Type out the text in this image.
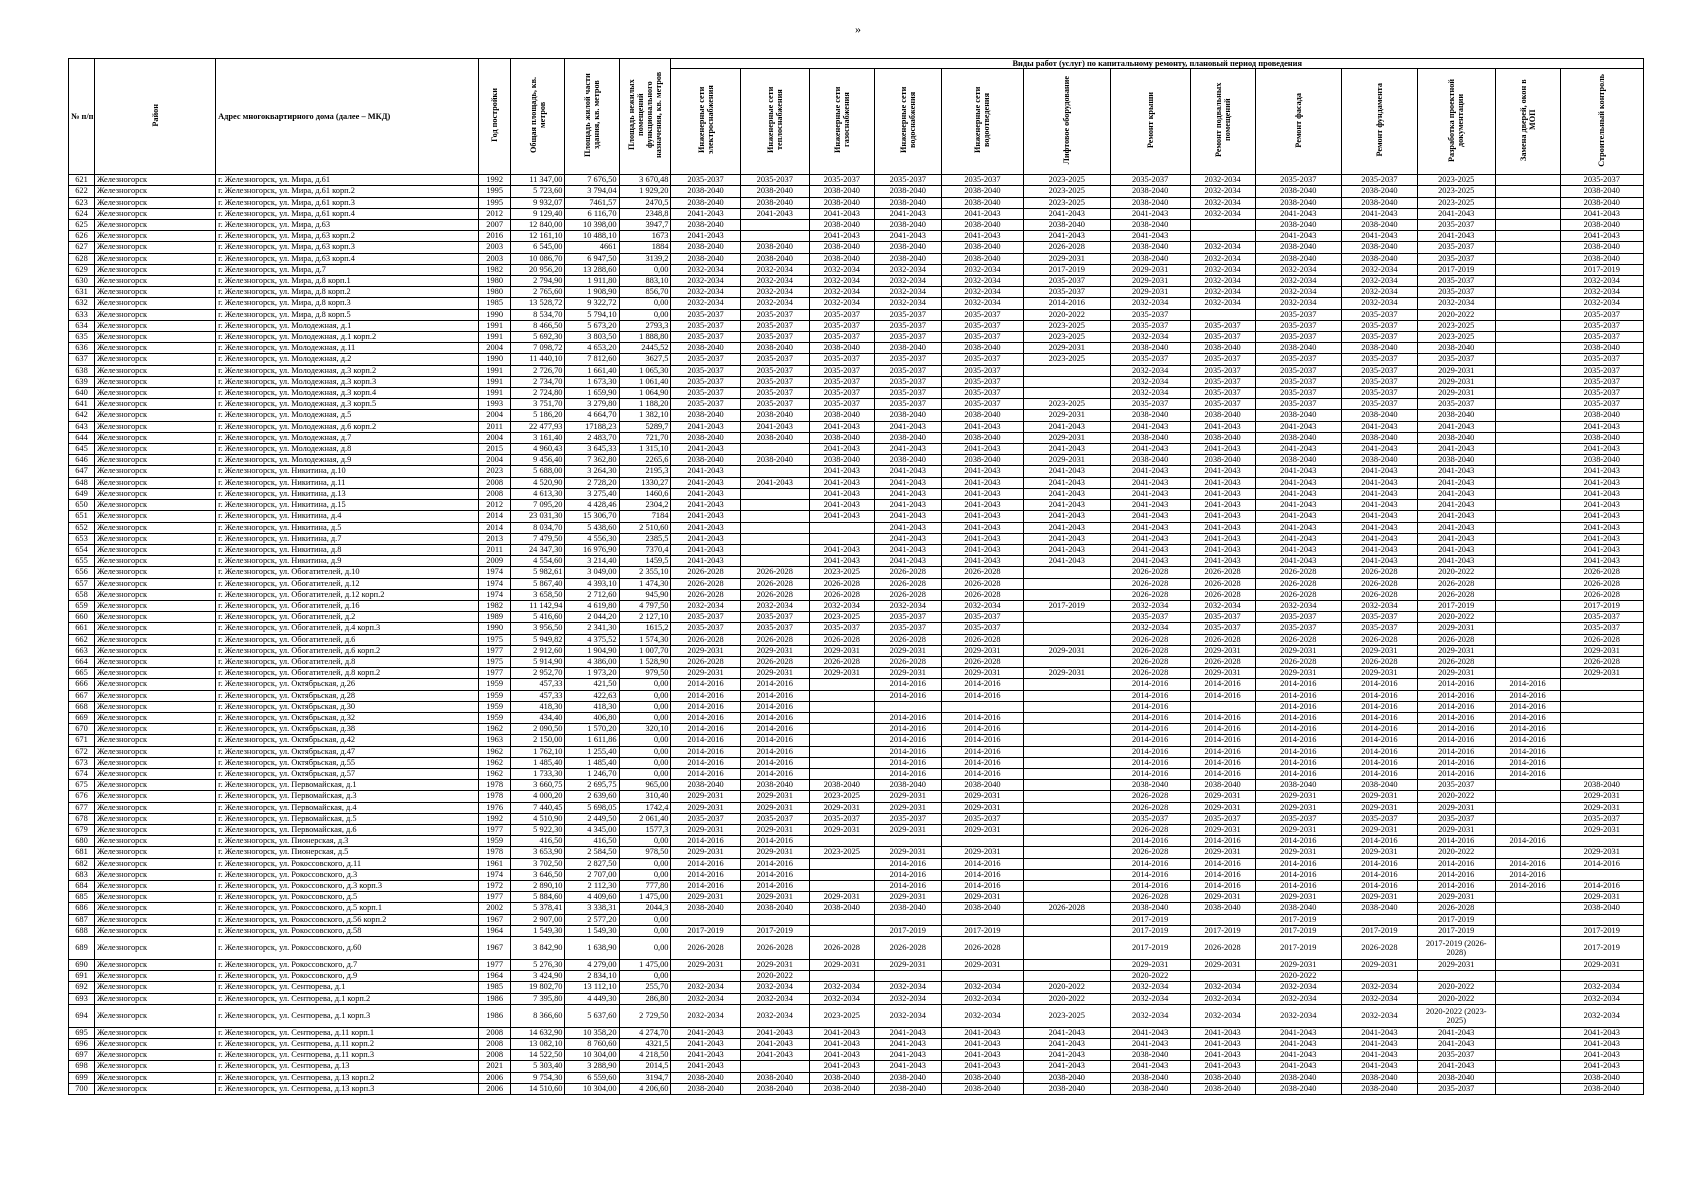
»
№ п/п	Район	Адрес многоквартирного дома (далее – МКД)	Год постройки	Общая площадь, кв. метров	Площадь жилой части здания, кв. метров	Площадь нежилых помещений функционального назначения, кв. метров	Виды работ (услуг) по капитальному ремонту, плановый период проведения												
							Инженерные сети электроснабжения	Инженерные сети теплоснабжения	Инженерные сети газоснабжения	Инженерные сети водоснабжения	Инженерные сети водоотведения	Лифтовое оборудование	Ремонт крыши	Ремонт подвальных помещений	Ремонт фасада	Ремонт фундамента	Разработка проектной документации	Замена дверей, окон в МОП	Строительный контроль
621	Железногорск	г. Железногорск, ул. Мира, д.61	1992	11 347,00	7 676,50	3 670,48	2035-2037	2035-2037	2035-2037	2035-2037	2035-2037	2023-2025	2035-2037	2032-2034	2035-2037	2035-2037	2023-2025		2035-2037
622	Железногорск	г. Железногорск, ул. Мира, д.61 корп.2	1995	5 723,60	3 794,04	1 929,20	2038-2040	2038-2040	2038-2040	2038-2040	2038-2040	2023-2025	2038-2040	2032-2034	2038-2040	2038-2040	2023-2025		2038-2040
623	Железногорск	г. Железногорск, ул. Мира, д.61 корп.3	1995	9 932,07	7461,57	2470,5	2038-2040	2038-2040	2038-2040	2038-2040	2038-2040	2023-2025	2038-2040	2032-2034	2038-2040	2038-2040	2023-2025		2038-2040
624	Железногорск	г. Железногорск, ул. Мира, д.61 корп.4	2012	9 129,40	6 116,70	2348,8	2041-2043	2041-2043	2041-2043	2041-2043	2041-2043	2041-2043	2041-2043	2032-2034	2041-2043	2041-2043	2041-2043		2041-2043
625	Железногорск	г. Железногорск, ул. Мира, д.63	2007	12 840,00	10 398,00	3947,7	2038-2040		2038-2040	2038-2040	2038-2040	2038-2040	2038-2040		2038-2040	2038-2040	2035-2037		2038-2040
626	Железногорск	г. Железногорск, ул. Мира, д.63 корп.2	2016	12 161,10	10 488,10	1673	2041-2043		2041-2043	2041-2043	2041-2043	2041-2043	2041-2043		2041-2043	2041-2043	2041-2043		2041-2043
627	Железногорск	г. Железногорск, ул. Мира, д.63 корп.3	2003	6 545,00	4661	1884	2038-2040	2038-2040	2038-2040	2038-2040	2038-2040	2026-2028	2038-2040	2032-2034	2038-2040	2038-2040	2035-2037		2038-2040
628	Железногорск	г. Железногорск, ул. Мира, д.63 корп.4	2003	10 086,70	6 947,50	3139,2	2038-2040	2038-2040	2038-2040	2038-2040	2038-2040	2029-2031	2038-2040	2032-2034	2038-2040	2038-2040	2035-2037		2038-2040
629	Железногорск	г. Железногорск, ул. Мира, д.7	1982	20 956,20	13 288,60	0,00	2032-2034	2032-2034	2032-2034	2032-2034	2032-2034	2017-2019	2029-2031	2032-2034	2032-2034	2032-2034	2017-2019		2017-2019
630	Железногорск	г. Железногорск, ул. Мира, д.8 корп.1	1980	2 794,90	1 911,80	883,10	2032-2034	2032-2034	2032-2034	2032-2034	2032-2034	2035-2037	2029-2031	2032-2034	2032-2034	2032-2034	2035-2037		2032-2034
631	Железногорск	г. Железногорск, ул. Мира, д.8 корп.2	1980	2 765,60	1 908,90	856,70	2032-2034	2032-2034	2032-2034	2032-2034	2032-2034	2035-2037	2029-2031	2032-2034	2032-2034	2032-2034	2035-2037		2032-2034
632	Железногорск	г. Железногорск, ул. Мира, д.8 корп.3	1985	13 528,72	9 322,72	0,00	2032-2034	2032-2034	2032-2034	2032-2034	2032-2034	2014-2016	2032-2034	2032-2034	2032-2034	2032-2034	2032-2034		2032-2034
633	Железногорск	г. Железногорск, ул. Мира, д.8 корп.5	1990	8 534,70	5 794,10	0,00	2035-2037	2035-2037	2035-2037	2035-2037	2035-2037	2020-2022	2035-2037		2035-2037	2035-2037	2020-2022		2035-2037
634	Железногорск	г. Железногорск, ул. Молодежная, д.1	1991	8 466,50	5 673,20	2793,3	2035-2037	2035-2037	2035-2037	2035-2037	2035-2037	2023-2025	2035-2037	2035-2037	2035-2037	2035-2037	2023-2025		2035-2037
635	Железногорск	г. Железногорск, ул. Молодежная, д.1 корп.2	1991	5 692,30	3 803,50	1 888,80	2035-2037	2035-2037	2035-2037	2035-2037	2035-2037	2023-2025	2032-2034	2035-2037	2035-2037	2035-2037	2023-2025		2035-2037
636	Железногорск	г. Железногорск, ул. Молодежная, д.11	2004	7 098,72	4 653,20	2445,52	2038-2040	2038-2040	2038-2040	2038-2040	2038-2040	2029-2031	2038-2040	2038-2040	2038-2040	2038-2040	2038-2040		2038-2040
637	Железногорск	г. Железногорск, ул. Молодежная, д.2	1990	11 440,10	7 812,60	3627,5	2035-2037	2035-2037	2035-2037	2035-2037	2035-2037	2023-2025	2035-2037	2035-2037	2035-2037	2035-2037	2035-2037		2035-2037
638	Железногорск	г. Железногорск, ул. Молодежная, д.3 корп.2	1991	2 726,70	1 661,40	1 065,30	2035-2037	2035-2037	2035-2037	2035-2037	2035-2037		2032-2034	2035-2037	2035-2037	2035-2037	2029-2031		2035-2037
639	Железногорск	г. Железногорск, ул. Молодежная, д.3 корп.3	1991	2 734,70	1 673,30	1 061,40	2035-2037	2035-2037	2035-2037	2035-2037	2035-2037		2032-2034	2035-2037	2035-2037	2035-2037	2029-2031		2035-2037
640	Железногорск	г. Железногорск, ул. Молодежная, д.3 корп.4	1991	2 724,80	1 659,90	1 064,90	2035-2037	2035-2037	2035-2037	2035-2037	2035-2037		2032-2034	2035-2037	2035-2037	2035-2037	2029-2031		2035-2037
641	Железногорск	г. Железногорск, ул. Молодежная, д.3 корп.5	1993	3 751,70	3 279,80	1 188,20	2035-2037	2035-2037	2035-2037	2035-2037	2035-2037	2023-2025	2035-2037	2035-2037	2035-2037	2035-2037	2035-2037		2035-2037
642	Железногорск	г. Железногорск, ул. Молодежная, д.5	2004	5 186,20	4 664,70	1 382,10	2038-2040	2038-2040	2038-2040	2038-2040	2038-2040	2029-2031	2038-2040	2038-2040	2038-2040	2038-2040	2038-2040		2038-2040
643	Железногорск	г. Железногорск, ул. Молодежная, д.6 корп.2	2011	22 477,93	17188,23	5289,7	2041-2043	2041-2043	2041-2043	2041-2043	2041-2043	2041-2043	2041-2043	2041-2043	2041-2043	2041-2043	2041-2043		2041-2043
644	Железногорск	г. Железногорск, ул. Молодежная, д.7	2004	3 161,40	2 483,70	721,70	2038-2040	2038-2040	2038-2040	2038-2040	2038-2040	2029-2031	2038-2040	2038-2040	2038-2040	2038-2040	2038-2040		2038-2040
645	Железногорск	г. Железногорск, ул. Молодежная, д.8	2015	4 960,43	3 645,33	1 315,10	2041-2043		2041-2043	2041-2043	2041-2043	2041-2043	2041-2043	2041-2043	2041-2043	2041-2043	2041-2043		2041-2043
646	Железногорск	г. Железногорск, ул. Молодежная, д.9	2004	9 456,40	7 362,80	2265,6	2038-2040	2038-2040	2038-2040	2038-2040	2038-2040	2029-2031	2038-2040	2038-2040	2038-2040	2038-2040	2038-2040		2038-2040
647	Железногорск	г. Железногорск, ул. Никитина, д.10	2023	5 688,00	3 264,30	2195,3	2041-2043		2041-2043	2041-2043	2041-2043	2041-2043	2041-2043	2041-2043	2041-2043	2041-2043	2041-2043		2041-2043
648	Железногорск	г. Железногорск, ул. Никитина, д.11	2008	4 520,90	2 728,20	1330,27	2041-2043	2041-2043	2041-2043	2041-2043	2041-2043	2041-2043	2041-2043	2041-2043	2041-2043	2041-2043	2041-2043		2041-2043
649	Железногорск	г. Железногорск, ул. Никитина, д.13	2008	4 613,30	3 275,40	1460,6	2041-2043		2041-2043	2041-2043	2041-2043	2041-2043	2041-2043	2041-2043	2041-2043	2041-2043	2041-2043		2041-2043
650	Железногорск	г. Железногорск, ул. Никитина, д.15	2012	7 095,20	4 428,46	2304,2	2041-2043		2041-2043	2041-2043	2041-2043	2041-2043	2041-2043	2041-2043	2041-2043	2041-2043	2041-2043		2041-2043
651	Железногорск	г. Железногорск, ул. Никитина, д.4	2014	23 031,30	15 306,70	7184	2041-2043		2041-2043	2041-2043	2041-2043	2041-2043	2041-2043	2041-2043	2041-2043	2041-2043	2041-2043		2041-2043
652	Железногорск	г. Железногорск, ул. Никитина, д.5	2014	8 034,70	5 438,60	2 510,60	2041-2043			2041-2043	2041-2043	2041-2043	2041-2043	2041-2043	2041-2043	2041-2043	2041-2043		2041-2043
653	Железногорск	г. Железногорск, ул. Никитина, д.7	2013	7 479,50	4 556,30	2385,5	2041-2043			2041-2043	2041-2043	2041-2043	2041-2043	2041-2043	2041-2043	2041-2043	2041-2043		2041-2043
654	Железногорск	г. Железногорск, ул. Никитина, д.8	2011	24 347,30	16 976,90	7370,4	2041-2043		2041-2043	2041-2043	2041-2043	2041-2043	2041-2043	2041-2043	2041-2043	2041-2043	2041-2043		2041-2043
655	Железногорск	г. Железногорск, ул. Никитина, д.9	2009	4 554,60	3 214,40	1459,5	2041-2043		2041-2043	2041-2043	2041-2043	2041-2043	2041-2043	2041-2043	2041-2043	2041-2043	2041-2043		2041-2043
656	Железногорск	г. Железногорск, ул. Обогатителей, д.10	1974	5 982,61	3 049,00	2 355,10	2026-2028	2026-2028	2023-2025	2026-2028	2026-2028		2026-2028	2026-2028	2026-2028	2026-2028	2020-2022		2026-2028
657	Железногорск	г. Железногорск, ул. Обогатителей, д.12	1974	5 867,40	4 393,10	1 474,30	2026-2028	2026-2028	2026-2028	2026-2028	2026-2028		2026-2028	2026-2028	2026-2028	2026-2028	2026-2028		2026-2028
658	Железногорск	г. Железногорск, ул. Обогатителей, д.12 корп.2	1974	3 658,50	2 712,60	945,90	2026-2028	2026-2028	2026-2028	2026-2028	2026-2028		2026-2028	2026-2028	2026-2028	2026-2028	2026-2028		2026-2028
659	Железногорск	г. Железногорск, ул. Обогатителей, д.16	1982	11 142,94	4 619,80	4 797,50	2032-2034	2032-2034	2032-2034	2032-2034	2032-2034	2017-2019	2032-2034	2032-2034	2032-2034	2032-2034	2017-2019		2017-2019
660	Железногорск	г. Железногорск, ул. Обогатителей, д.2	1989	5 416,60	2 044,20	2 127,10	2035-2037	2035-2037	2023-2025	2035-2037	2035-2037		2035-2037	2035-2037	2035-2037	2035-2037	2020-2022		2035-2037
661	Железногорск	г. Железногорск, ул. Обогатителей, д.4 корп.3	1990	3 956,50	2 341,30	1615,2	2035-2037	2035-2037	2035-2037	2035-2037	2035-2037		2032-2034	2035-2037	2035-2037	2035-2037	2029-2031		2035-2037
662	Железногорск	г. Железногорск, ул. Обогатителей, д.6	1975	5 949,82	4 375,52	1 574,30	2026-2028	2026-2028	2026-2028	2026-2028	2026-2028		2026-2028	2026-2028	2026-2028	2026-2028	2026-2028		2026-2028
663	Железногорск	г. Железногорск, ул. Обогатителей, д.6 корп.2	1977	2 912,60	1 904,90	1 007,70	2029-2031	2029-2031	2029-2031	2029-2031	2029-2031	2029-2031	2026-2028	2029-2031	2029-2031	2029-2031	2029-2031		2029-2031
664	Железногорск	г. Железногорск, ул. Обогатителей, д.8	1975	5 914,90	4 386,00	1 528,90	2026-2028	2026-2028	2026-2028	2026-2028	2026-2028		2026-2028	2026-2028	2026-2028	2026-2028	2026-2028		2026-2028
665	Железногорск	г. Железногорск, ул. Обогатителей, д.8 корп.2	1977	2 952,70	1 973,20	979,50	2029-2031	2029-2031	2029-2031	2029-2031	2029-2031	2029-2031	2026-2028	2029-2031	2029-2031	2029-2031	2029-2031		2029-2031
666	Железногорск	г. Железногорск, ул. Октябрьская, д.26	1959	457,33	421,50	0,00	2014-2016	2014-2016		2014-2016	2014-2016		2014-2016	2014-2016	2014-2016	2014-2016	2014-2016	2014-2016	
667	Железногорск	г. Железногорск, ул. Октябрьская, д.28	1959	457,33	422,63	0,00	2014-2016	2014-2016		2014-2016	2014-2016		2014-2016	2014-2016	2014-2016	2014-2016	2014-2016	2014-2016	
668	Железногорск	г. Железногорск, ул. Октябрьская, д.30	1959	418,30	418,30	0,00	2014-2016	2014-2016					2014-2016		2014-2016	2014-2016	2014-2016	2014-2016	
669	Железногорск	г. Железногорск, ул. Октябрьская, д.32	1959	434,40	406,80	0,00	2014-2016	2014-2016		2014-2016	2014-2016		2014-2016	2014-2016	2014-2016	2014-2016	2014-2016	2014-2016	
670	Железногорск	г. Железногорск, ул. Октябрьская, д.38	1962	2 090,50	1 570,20	320,10	2014-2016	2014-2016		2014-2016	2014-2016		2014-2016	2014-2016	2014-2016	2014-2016	2014-2016	2014-2016	
671	Железногорск	г. Железногорск, ул. Октябрьская, д.42	1963	2 150,00	1 611,86	0,00	2014-2016	2014-2016		2014-2016	2014-2016		2014-2016	2014-2016	2014-2016	2014-2016	2014-2016	2014-2016	
672	Железногорск	г. Железногорск, ул. Октябрьская, д.47	1962	1 762,10	1 255,40	0,00	2014-2016	2014-2016		2014-2016	2014-2016		2014-2016	2014-2016	2014-2016	2014-2016	2014-2016	2014-2016	
673	Железногорск	г. Железногорск, ул. Октябрьская, д.55	1962	1 485,40	1 485,40	0,00	2014-2016	2014-2016		2014-2016	2014-2016		2014-2016	2014-2016	2014-2016	2014-2016	2014-2016	2014-2016	
674	Железногорск	г. Железногорск, ул. Октябрьская, д.57	1962	1 733,30	1 246,70	0,00	2014-2016	2014-2016		2014-2016	2014-2016		2014-2016	2014-2016	2014-2016	2014-2016	2014-2016	2014-2016	
675	Железногорск	г. Железногорск, ул. Первомайская, д.1	1978	3 660,75	2 695,75	965,00	2038-2040	2038-2040	2038-2040	2038-2040	2038-2040		2038-2040	2038-2040	2038-2040	2038-2040	2035-2037		2038-2040
676	Железногорск	г. Железногорск, ул. Первомайская, д.3	1978	4 000,20	2 639,60	310,40	2029-2031	2029-2031	2023-2025	2029-2031	2029-2031		2026-2028	2029-2031	2029-2031	2029-2031	2020-2022		2029-2031
677	Железногорск	г. Железногорск, ул. Первомайская, д.4	1976	7 440,45	5 698,05	1742,4	2029-2031	2029-2031	2029-2031	2029-2031	2029-2031		2026-2028	2029-2031	2029-2031	2029-2031	2029-2031		2029-2031
678	Железногорск	г. Железногорск, ул. Первомайская, д.5	1992	4 510,90	2 449,50	2 061,40	2035-2037	2035-2037	2035-2037	2035-2037	2035-2037		2035-2037	2035-2037	2035-2037	2035-2037	2035-2037		2035-2037
679	Железногорск	г. Железногорск, ул. Первомайская, д.6	1977	5 922,30	4 345,00	1577,3	2029-2031	2029-2031	2029-2031	2029-2031	2029-2031		2026-2028	2029-2031	2029-2031	2029-2031	2029-2031		2029-2031
680	Железногорск	г. Железногорск, ул. Пионерская, д.3	1959	416,50	416,50	0,00	2014-2016	2014-2016					2014-2016	2014-2016	2014-2016	2014-2016	2014-2016	2014-2016	
681	Железногорск	г. Железногорск, ул. Пионерская, д.5	1978	3 653,90	2 584,50	978,50	2029-2031	2029-2031	2023-2025	2029-2031	2029-2031		2026-2028	2029-2031	2029-2031	2029-2031	2020-2022		2029-2031
682	Железногорск	г. Железногорск, ул. Рокоссовского, д.11	1961	3 702,50	2 827,50	0,00	2014-2016	2014-2016		2014-2016	2014-2016		2014-2016	2014-2016	2014-2016	2014-2016	2014-2016	2014-2016	2014-2016
683	Железногорск	г. Железногорск, ул. Рокоссовского, д.3	1974	3 646,50	2 707,00	0,00	2014-2016	2014-2016		2014-2016	2014-2016		2014-2016	2014-2016	2014-2016	2014-2016	2014-2016	2014-2016	
684	Железногорск	г. Железногорск, ул. Рокоссовского, д.3 корп.3	1972	2 890,10	2 112,30	777,80	2014-2016	2014-2016		2014-2016	2014-2016		2014-2016	2014-2016	2014-2016	2014-2016	2014-2016	2014-2016	2014-2016
685	Железногорск	г. Железногорск, ул. Рокоссовского, д.5	1977	5 884,60	4 409,60	1 475,00	2029-2031	2029-2031	2029-2031	2029-2031	2029-2031		2026-2028	2029-2031	2029-2031	2029-2031	2029-2031		2029-2031
686	Железногорск	г. Железногорск, ул. Рокоссовского, д.5 корп.1	2002	5 378,41	3 338,31	2044,3	2038-2040	2038-2040	2038-2040	2038-2040	2038-2040	2026-2028	2038-2040	2038-2040	2038-2040	2038-2040	2026-2028		2038-2040
687	Железногорск	г. Железногорск, ул. Рокоссовского, д.56 корп.2	1967	2 907,00	2 577,20	0,00							2017-2019		2017-2019		2017-2019		
688	Железногорск	г. Железногорск, ул. Рокоссовского, д.58	1964	1 549,30	1 549,30	0,00	2017-2019	2017-2019		2017-2019	2017-2019		2017-2019	2017-2019	2017-2019	2017-2019	2017-2019		2017-2019
689	Железногорск	г. Железногорск, ул. Рокоссовского, д.60	1967	3 842,90	1 638,90	0,00	2026-2028	2026-2028	2026-2028	2026-2028	2026-2028		2017-2019	2026-2028	2017-2019	2026-2028	2017-2019 (2026-2028)		2017-2019
690	Железногорск	г. Железногорск, ул. Рокоссовского, д.7	1977	5 276,30	4 279,00	1 475,00	2029-2031	2029-2031	2029-2031	2029-2031	2029-2031		2029-2031	2029-2031	2029-2031	2029-2031	2029-2031		2029-2031
691	Железногорск	г. Железногорск, ул. Рокоссовского, д.9	1964	3 424,90	2 834,10	0,00		2020-2022					2020-2022		2020-2022				
692	Железногорск	г. Железногорск, ул. Сентюрева, д.1	1985	19 802,70	13 112,10	255,70	2032-2034	2032-2034	2032-2034	2032-2034	2032-2034	2020-2022	2032-2034	2032-2034	2032-2034	2032-2034	2020-2022		2032-2034
693	Железногорск	г. Железногорск, ул. Сентюрева, д.1 корп.2	1986	7 395,80	4 449,30	286,80	2032-2034	2032-2034	2032-2034	2032-2034	2032-2034	2020-2022	2032-2034	2032-2034	2032-2034	2032-2034	2020-2022		2032-2034
694	Железногорск	г. Железногорск, ул. Сентюрева, д.1 корп.3	1986	8 366,60	5 637,60	2 729,50	2032-2034	2032-2034	2023-2025	2032-2034	2032-2034	2023-2025	2032-2034	2032-2034	2032-2034	2032-2034	2020-2022 (2023-2025)		2032-2034
695	Железногорск	г. Железногорск, ул. Сентюрева, д.11 корп.1	2008	14 632,90	10 358,20	4 274,70	2041-2043	2041-2043	2041-2043	2041-2043	2041-2043	2041-2043	2041-2043	2041-2043	2041-2043	2041-2043	2041-2043		2041-2043
696	Железногорск	г. Железногорск, ул. Сентюрева, д.11 корп.2	2008	13 082,10	8 760,60	4321,5	2041-2043	2041-2043	2041-2043	2041-2043	2041-2043	2041-2043	2041-2043	2041-2043	2041-2043	2041-2043	2041-2043		2041-2043
697	Железногорск	г. Железногорск, ул. Сентюрева, д.11 корп.3	2008	14 522,50	10 304,00	4 218,50	2041-2043	2041-2043	2041-2043	2041-2043	2041-2043	2041-2043	2038-2040	2041-2043	2041-2043	2041-2043	2035-2037		2041-2043
698	Железногорск	г. Железногорск, ул. Сентюрева, д.13	2021	5 303,40	3 288,90	2014,5	2041-2043		2041-2043	2041-2043	2041-2043	2041-2043	2041-2043	2041-2043	2041-2043	2041-2043	2041-2043		2041-2043
699	Железногорск	г. Железногорск, ул. Сентюрева, д.13 корп.2	2006	9 754,30	6 559,60	3194,7	2038-2040	2038-2040	2038-2040	2038-2040	2038-2040	2038-2040	2038-2040	2038-2040	2038-2040	2038-2040	2038-2040		2038-2040
700	Железногорск	г. Железногорск, ул. Сентюрева, д.13 корп.3	2006	14 510,60	10 304,00	4 206,60	2038-2040	2038-2040	2038-2040	2038-2040	2038-2040	2038-2040	2038-2040	2038-2040	2038-2040	2038-2040	2035-2037		2038-2040
